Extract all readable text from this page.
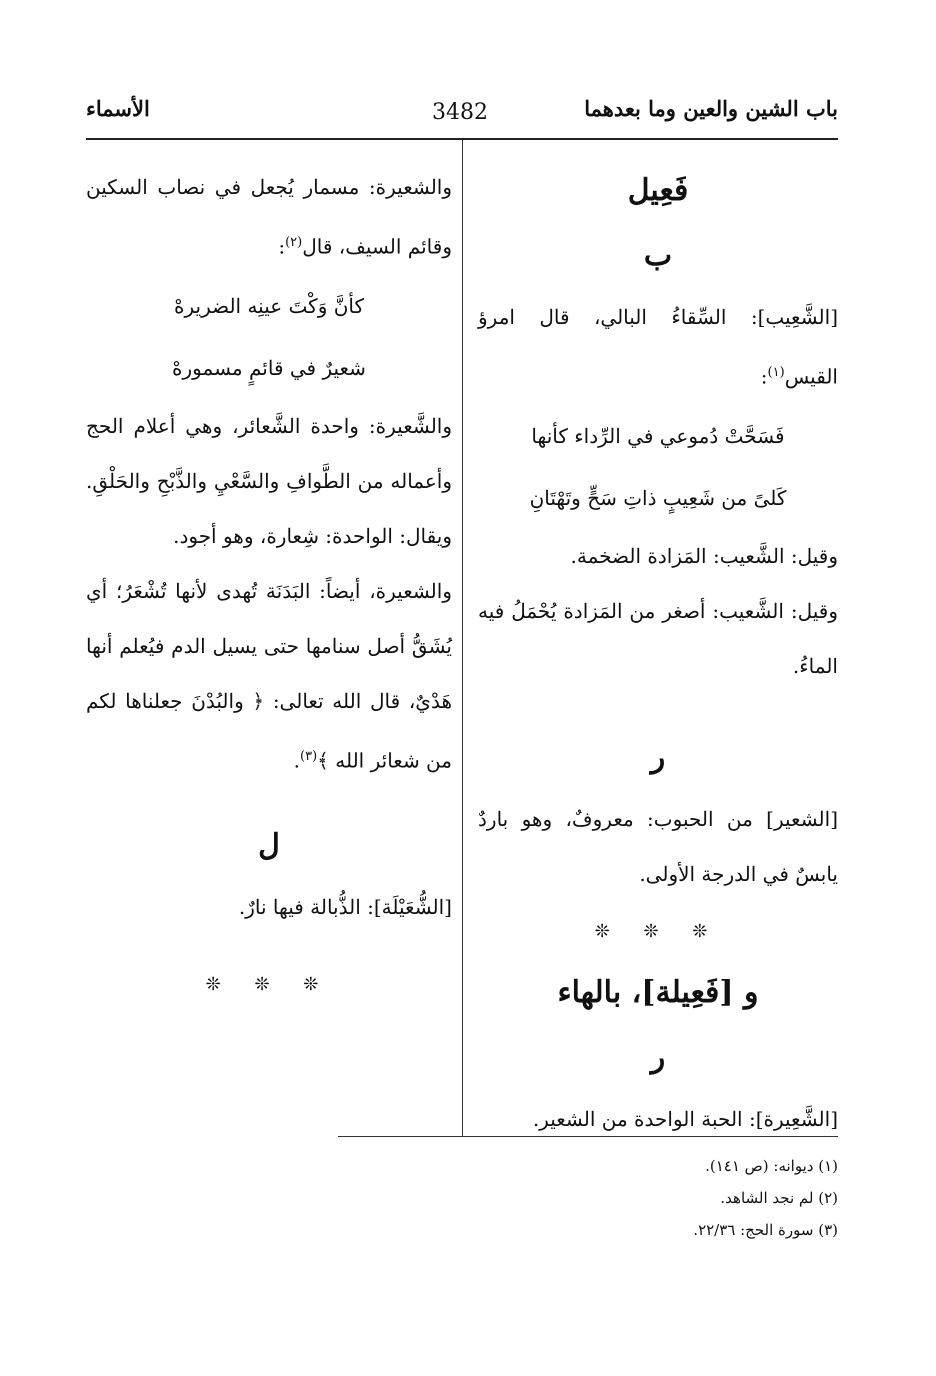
باب الشين والعين وما بعدهما
3482
الأسماء

فَعِيل

ب

[الشَّعِيب]: السِّقاءُ البالي، قال امرؤ القيس$^{(١)}$:

فَسَحَّتْ دُموعي في الرِّداء كأنها

كَلىً من شَعِيبٍ ذاتِ سَحٍّ وتَهْتَانِ

وقيل: الشَّعيب: المَزادة الضخمة.

وقيل: الشَّعيب: أصغر من المَزادة يُحْمَلُ فيه الماءُ.

ر

[الشعير] من الحبوب: معروفٌ، وهو باردٌ يابسٌ في الدرجة الأولى.

❊ ❊ ❊

و [فَعِيلة]، بالهاء

ر

[الشَّعِيرة]: الحبة الواحدة من الشعير.

والشعيرة: مسمار يُجعل في نصاب السكين وقائم السيف، قال$^{(٢)}$:

كأنَّ وَكْتَ عينِه الضريرهْ

شعيرٌ في قائمٍ مسمورهْ

والشَّعيرة: واحدة الشَّعائر، وهي أعلام الحج وأعماله من الطَّوافِ والسَّعْيِ والذَّبْحِ والحَلْقِ. ويقال: الواحدة: شِعارة، وهو أجود.

والشعيرة، أيضاً: البَدَنَة تُهدى لأنها تُشْعَرُ؛ أي يُشَقُّ أصل سنامها حتى يسيل الدم فيُعلم أنها هَدْيٌ، قال الله تعالى: ﴿ والبُدْنَ جعلناها لكم من شعائر الله ﴾$^{(٣)}$.

ل

[الشُّعَيْلَة]: الذُّبالة فيها نارٌ.

❊ ❊ ❊

(١) ديوانه: (ص ١٤١).

(٢) لم نجد الشاهد.

(٣) سورة الحج: ٢٢/٣٦.
